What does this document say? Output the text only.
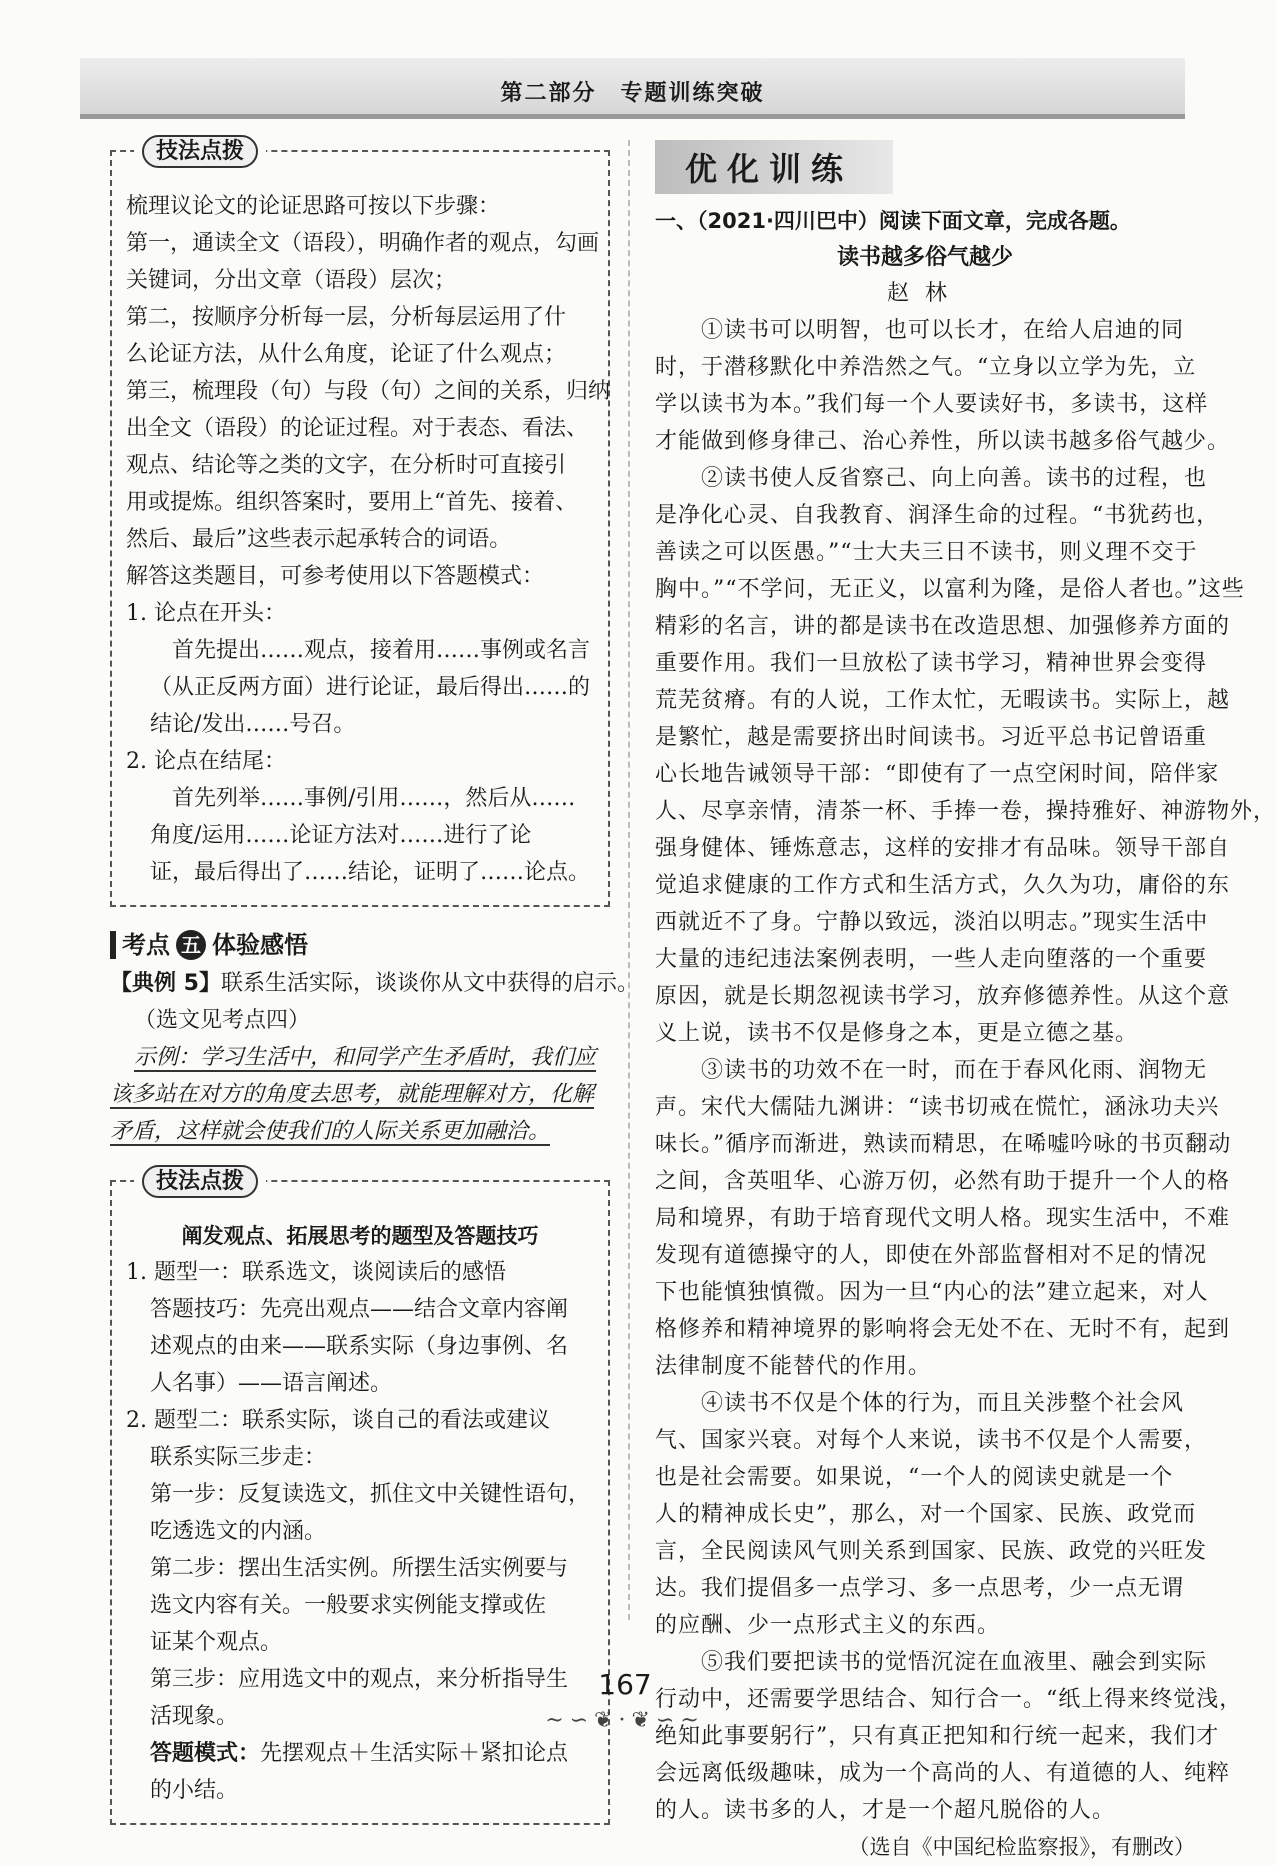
第二部分　专题训练突破
技法点拨
梳理议论文的论证思路可按以下步骤：
第一，通读全文（语段），明确作者的观点，勾画
关键词，分出文章（语段）层次；
第二，按顺序分析每一层，分析每层运用了什
么论证方法，从什么角度，论证了什么观点；
第三，梳理段（句）与段（句）之间的关系，归纳
出全文（语段）的论证过程。对于表态、看法、
观点、结论等之类的文字，在分析时可直接引
用或提炼。组织答案时，要用上“首先、接着、
然后、最后”这些表示起承转合的词语。
解答这类题目，可参考使用以下答题模式：
1. 论点在开头：
首先提出……观点，接着用……事例或名言
（从正反两方面）进行论证，最后得出……的
结论/发出……号召。
2. 论点在结尾：
首先列举……事例/引用……，然后从……
角度/运用……论证方法对……进行了论
证，最后得出了……结论，证明了……论点。
考点 五 体验感悟
【典例 5】联系生活实际，谈谈你从文中获得的启示。
（选文见考点四）
示例：学习生活中，和同学产生矛盾时，我们应
该多站在对方的角度去思考，就能理解对方，化解
矛盾，这样就会使我们的人际关系更加融洽。
技法点拨
阐发观点、拓展思考的题型及答题技巧
1. 题型一：联系选文，谈阅读后的感悟
答题技巧：先亮出观点——结合文章内容阐
述观点的由来——联系实际（身边事例、名
人名事）——语言阐述。
2. 题型二：联系实际，谈自己的看法或建议
联系实际三步走：
第一步：反复读选文，抓住文中关键性语句，
吃透选文的内涵。
第二步：摆出生活实例。所摆生活实例要与
选文内容有关。一般要求实例能支撑或佐
证某个观点。
第三步：应用选文中的观点，来分析指导生
活现象。
答题模式：先摆观点＋生活实际＋紧扣论点
的小结。
优化训练
一、（2021·四川巴中）阅读下面文章，完成各题。
读书越多俗气越少
赵林
①读书可以明智，也可以长才，在给人启迪的同
时，于潜移默化中养浩然之气。“立身以立学为先，立
学以读书为本。”我们每一个人要读好书，多读书，这样
才能做到修身律己、治心养性，所以读书越多俗气越少。
②读书使人反省察己、向上向善。读书的过程，也
是净化心灵、自我教育、润泽生命的过程。“书犹药也，
善读之可以医愚。”“士大夫三日不读书，则义理不交于
胸中。”“不学问，无正义，以富利为隆，是俗人者也。”这些
精彩的名言，讲的都是读书在改造思想、加强修养方面的
重要作用。我们一旦放松了读书学习，精神世界会变得
荒芜贫瘠。有的人说，工作太忙，无暇读书。实际上，越
是繁忙，越是需要挤出时间读书。习近平总书记曾语重
心长地告诫领导干部：“即使有了一点空闲时间，陪伴家
人、尽享亲情，清茶一杯、手捧一卷，操持雅好、神游物外，
强身健体、锤炼意志，这样的安排才有品味。领导干部自
觉追求健康的工作方式和生活方式，久久为功，庸俗的东
西就近不了身。宁静以致远，淡泊以明志。”现实生活中
大量的违纪违法案例表明，一些人走向堕落的一个重要
原因，就是长期忽视读书学习，放弃修德养性。从这个意
义上说，读书不仅是修身之本，更是立德之基。
③读书的功效不在一时，而在于春风化雨、润物无
声。宋代大儒陆九渊讲：“读书切戒在慌忙，涵泳功夫兴
味长。”循序而渐进，熟读而精思，在唏嘘吟咏的书页翻动
之间，含英咀华、心游万仞，必然有助于提升一个人的格
局和境界，有助于培育现代文明人格。现实生活中，不难
发现有道德操守的人，即使在外部监督相对不足的情况
下也能慎独慎微。因为一旦“内心的法”建立起来，对人
格修养和精神境界的影响将会无处不在、无时不有，起到
法律制度不能替代的作用。
④读书不仅是个体的行为，而且关涉整个社会风
气、国家兴衰。对每个人来说，读书不仅是个人需要，
也是社会需要。如果说，“一个人的阅读史就是一个
人的精神成长史”，那么，对一个国家、民族、政党而
言，全民阅读风气则关系到国家、民族、政党的兴旺发
达。我们提倡多一点学习、多一点思考，少一点无谓
的应酬、少一点形式主义的东西。
⑤我们要把读书的觉悟沉淀在血液里、融会到实际
行动中，还需要学思结合、知行合一。“纸上得来终觉浅，
绝知此事要躬行”，只有真正把知和行统一起来，我们才
会远离低级趣味，成为一个高尚的人、有道德的人、纯粹
的人。读书多的人，才是一个超凡脱俗的人。
（选自《中国纪检监察报》，有删改）
167
~∽❦·❦∽~
